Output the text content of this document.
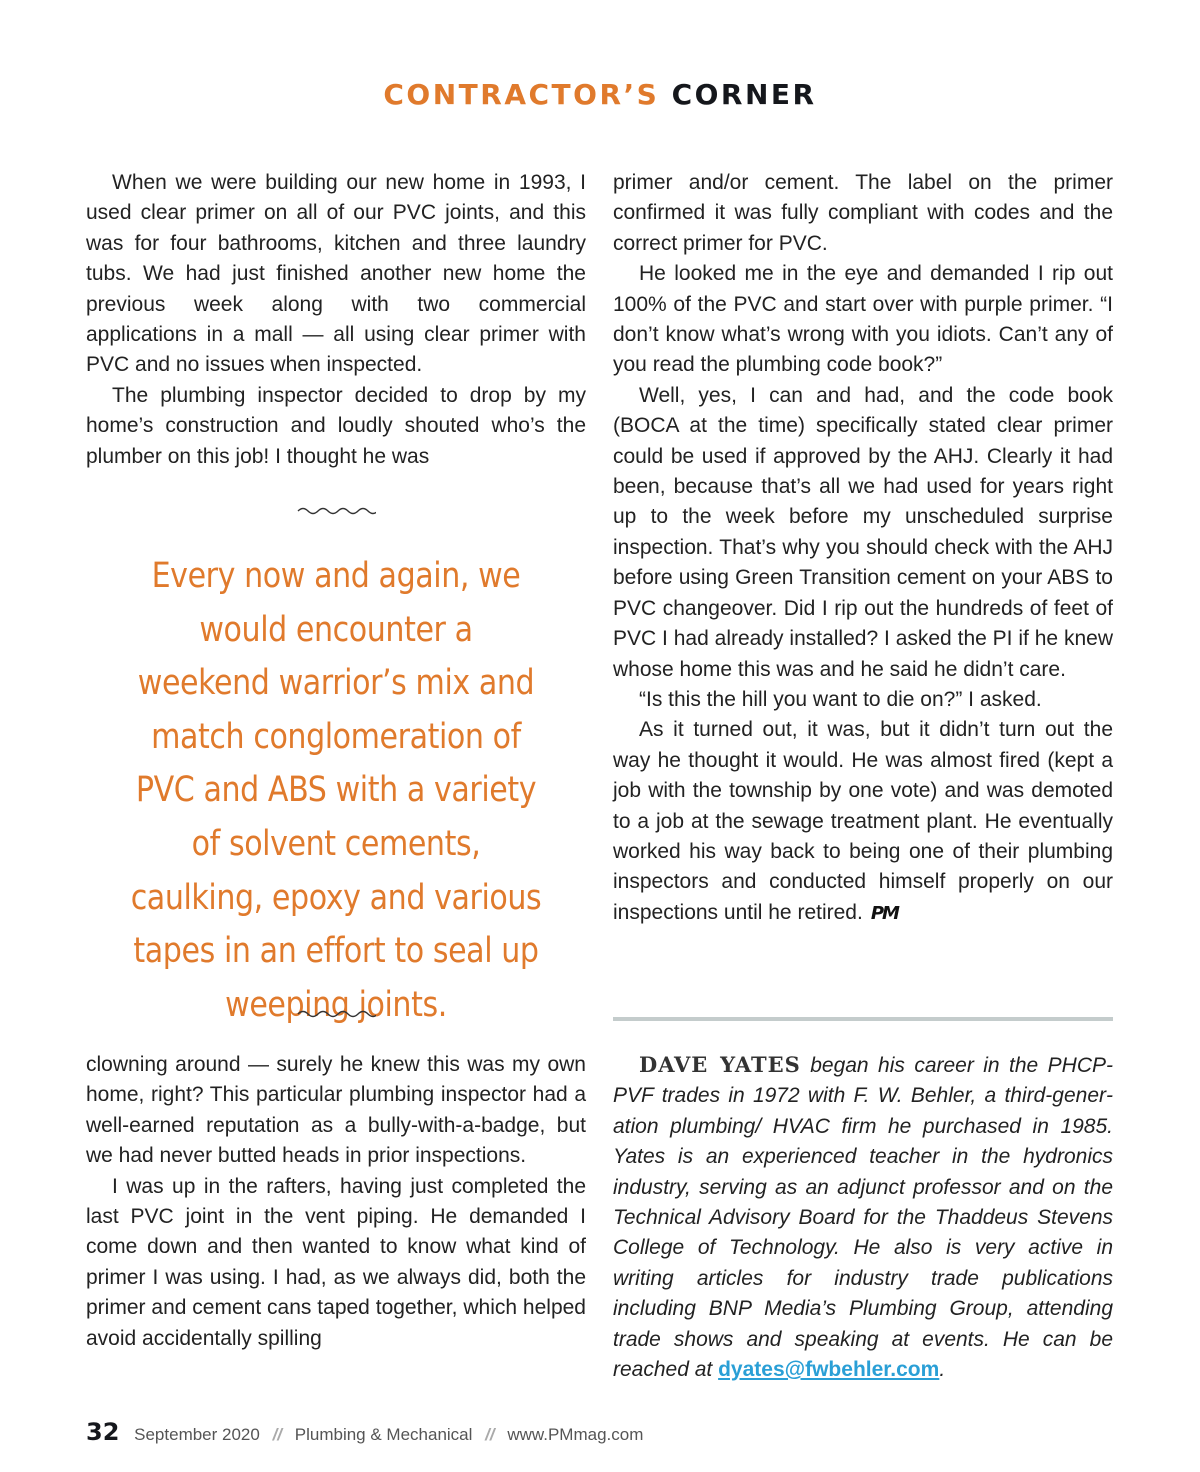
CONTRACTOR’S CORNER

When we were building our new home in 1993, I used clear primer on all of our PVC joints, and this was for four bathrooms, kitchen and three laundry tubs. We had just finished another new home the previous week along with two commercial applications in a mall — all using clear primer with PVC and no issues when inspected.

The plumbing inspector decided to drop by my home’s construction and loudly shouted who’s the plumber on this job! I thought he was

Every now and again, we would encounter a weekend warrior’s mix and match conglomeration of PVC and ABS with a variety of solvent cements, caulking, epoxy and various tapes in an effort to seal up weeping joints.

clowning around — surely he knew this was my own home, right? This particular plumbing inspector had a well-earned reputation as a bully-with-a-badge, but we had never butted heads in prior inspections.

I was up in the rafters, having just completed the last PVC joint in the vent piping. He demanded I come down and then wanted to know what kind of primer I was using. I had, as we always did, both the primer and cement cans taped together, which helped avoid accidentally spilling

primer and/or cement. The label on the primer confirmed it was fully compliant with codes and the correct primer for PVC.

He looked me in the eye and demanded I rip out 100% of the PVC and start over with purple primer. “I don’t know what’s wrong with you idiots. Can’t any of you read the plumbing code book?”

Well, yes, I can and had, and the code book (BOCA at the time) specifically stated clear primer could be used if approved by the AHJ. Clearly it had been, because that’s all we had used for years right up to the week before my unscheduled surprise inspection. That’s why you should check with the AHJ before using Green Transition cement on your ABS to PVC changeover. Did I rip out the hundreds of feet of PVC I had already installed? I asked the PI if he knew whose home this was and he said he didn’t care.

“Is this the hill you want to die on?” I asked.

As it turned out, it was, but it didn’t turn out the way he thought it would. He was almost fired (kept a job with the township by one vote) and was demoted to a job at the sewage treatment plant. He eventually worked his way back to being one of their plumbing inspectors and conducted himself properly on our inspections until he retired. PM

DAVE YATES began his career in the PHCP-PVF trades in 1972 with F. W. Behler, a third-generation plumbing/ HVAC firm he purchased in 1985. Yates is an experienced teacher in the hydronics industry, serving as an adjunct professor and on the Technical Advisory Board for the Thaddeus Stevens College of Technology. He also is very active in writing articles for industry trade publications including BNP Media’s Plumbing Group, attending trade shows and speaking at events. He can be reached at dyates@fwbehler.com.

32 September 2020 // Plumbing & Mechanical // www.PMmag.com
